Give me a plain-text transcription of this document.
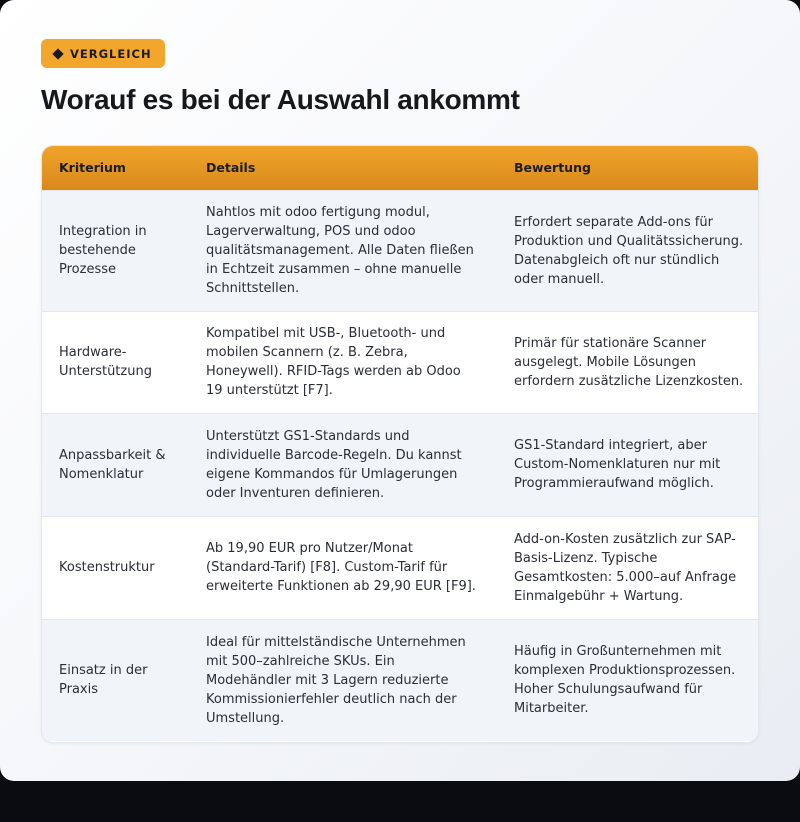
VERGLEICH
Worauf es bei der Auswahl ankommt
Kriterium	Details	Bewertung
Integration in bestehende Prozesse	Nahtlos mit odoo fertigung modul, Lagerverwaltung, POS und odoo qualitätsmanagement. Alle Daten fließen in Echtzeit zusammen – ohne manuelle Schnittstellen.	Erfordert separate Add-ons für Produktion und Qualitätssicherung. Datenabgleich oft nur stündlich oder manuell.
Hardware-Unterstützung	Kompatibel mit USB-, Bluetooth- und mobilen Scannern (z. B. Zebra, Honeywell). RFID-Tags werden ab Odoo 19 unterstützt [F7].	Primär für stationäre Scanner ausgelegt. Mobile Lösungen erfordern zusätzliche Lizenzkosten.
Anpassbarkeit & Nomenklatur	Unterstützt GS1-Standards und individuelle Barcode-Regeln. Du kannst eigene Kommandos für Umlagerungen oder Inventuren definieren.	GS1-Standard integriert, aber Custom-Nomenklaturen nur mit Programmieraufwand möglich.
Kostenstruktur	Ab 19,90 EUR pro Nutzer/Monat (Standard-Tarif) [F8]. Custom-Tarif für erweiterte Funktionen ab 29,90 EUR [F9].	Add-on-Kosten zusätzlich zur SAP-Basis-Lizenz. Typische Gesamtkosten: 5.000–auf Anfrage Einmalgebühr + Wartung.
Einsatz in der Praxis	Ideal für mittelständische Unternehmen mit 500–zahlreiche SKUs. Ein Modehändler mit 3 Lagern reduzierte Kommissionierfehler deutlich nach der Umstellung.	Häufig in Großunternehmen mit komplexen Produktionsprozessen. Hoher Schulungsaufwand für Mitarbeiter.
